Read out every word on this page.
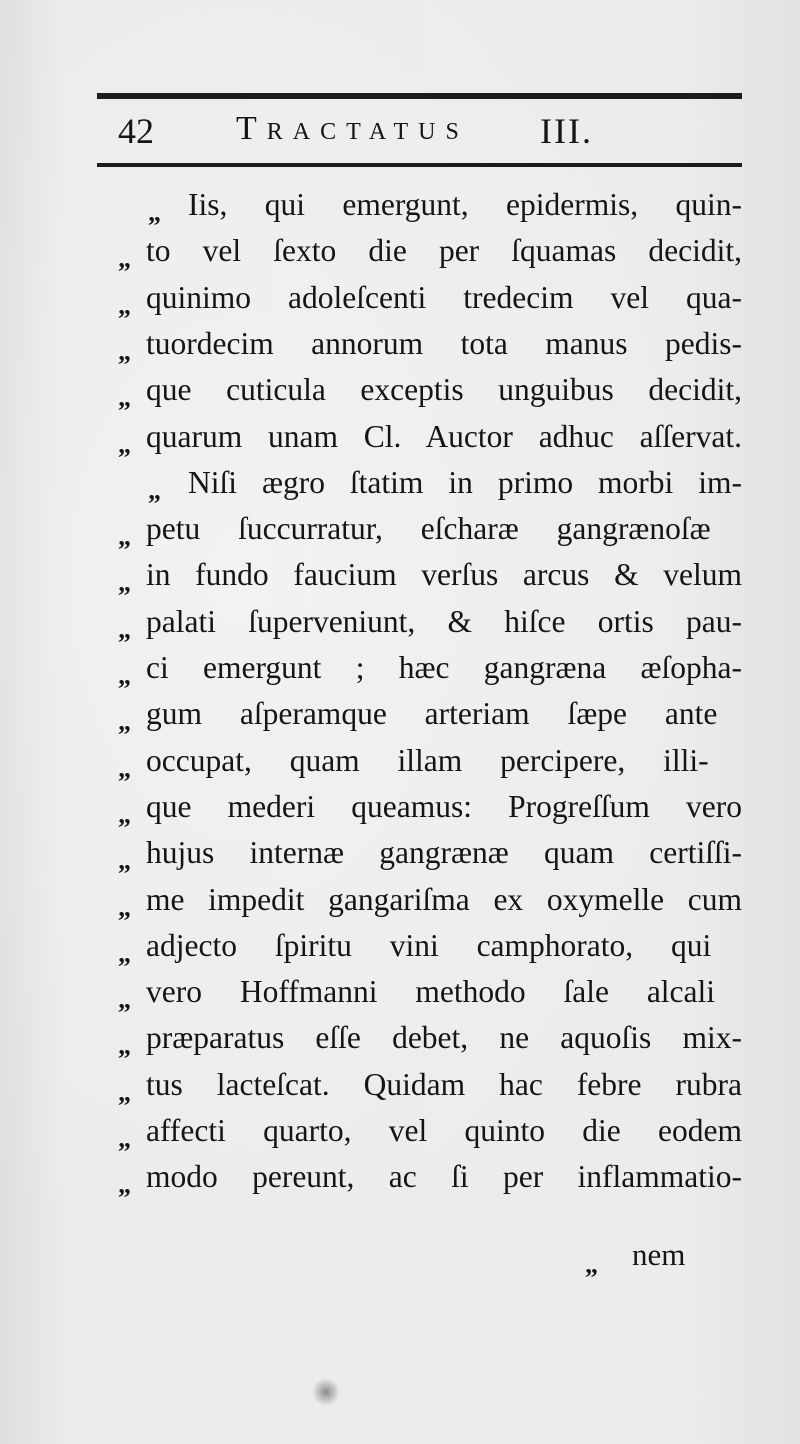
42 Tractatus III.
„ Iis, qui emergunt, epidermis, quin-
„ to vel ſexto die per ſquamas decidit,
„ quinimo adoleſcenti tredecim vel qua-
„ tuordecim annorum tota manus pedis-
„ que cuticula exceptis unguibus decidit,
„ quarum unam Cl. Auctor adhuc aſſervat.
„ Niſi ægro ſtatim in primo morbi im-
„ petu ſuccurratur, eſcharæ gangrænoſæ
„ in fundo faucium verſus arcus & velum
„ palati ſuperveniunt, & hiſce ortis pau-
„ ci emergunt ; hæc gangræna æſopha-
„ gum aſperamque arteriam ſæpe ante
„ occupat, quam illam percipere, illi-
„ que mederi queamus: Progreſſum vero
„ hujus internæ gangrænæ quam certiſſi-
„ me impedit gangariſma ex oxymelle cum
„ adjecto ſpiritu vini camphorato, qui
„ vero Hoffmanni methodo ſale alcali
„ præparatus eſſe debet, ne aquoſis mix-
„ tus lacteſcat. Quidam hac febre rubra
„ affecti quarto, vel quinto die eodem
„ modo pereunt, ac ſi per inflammatio-
„ nem
